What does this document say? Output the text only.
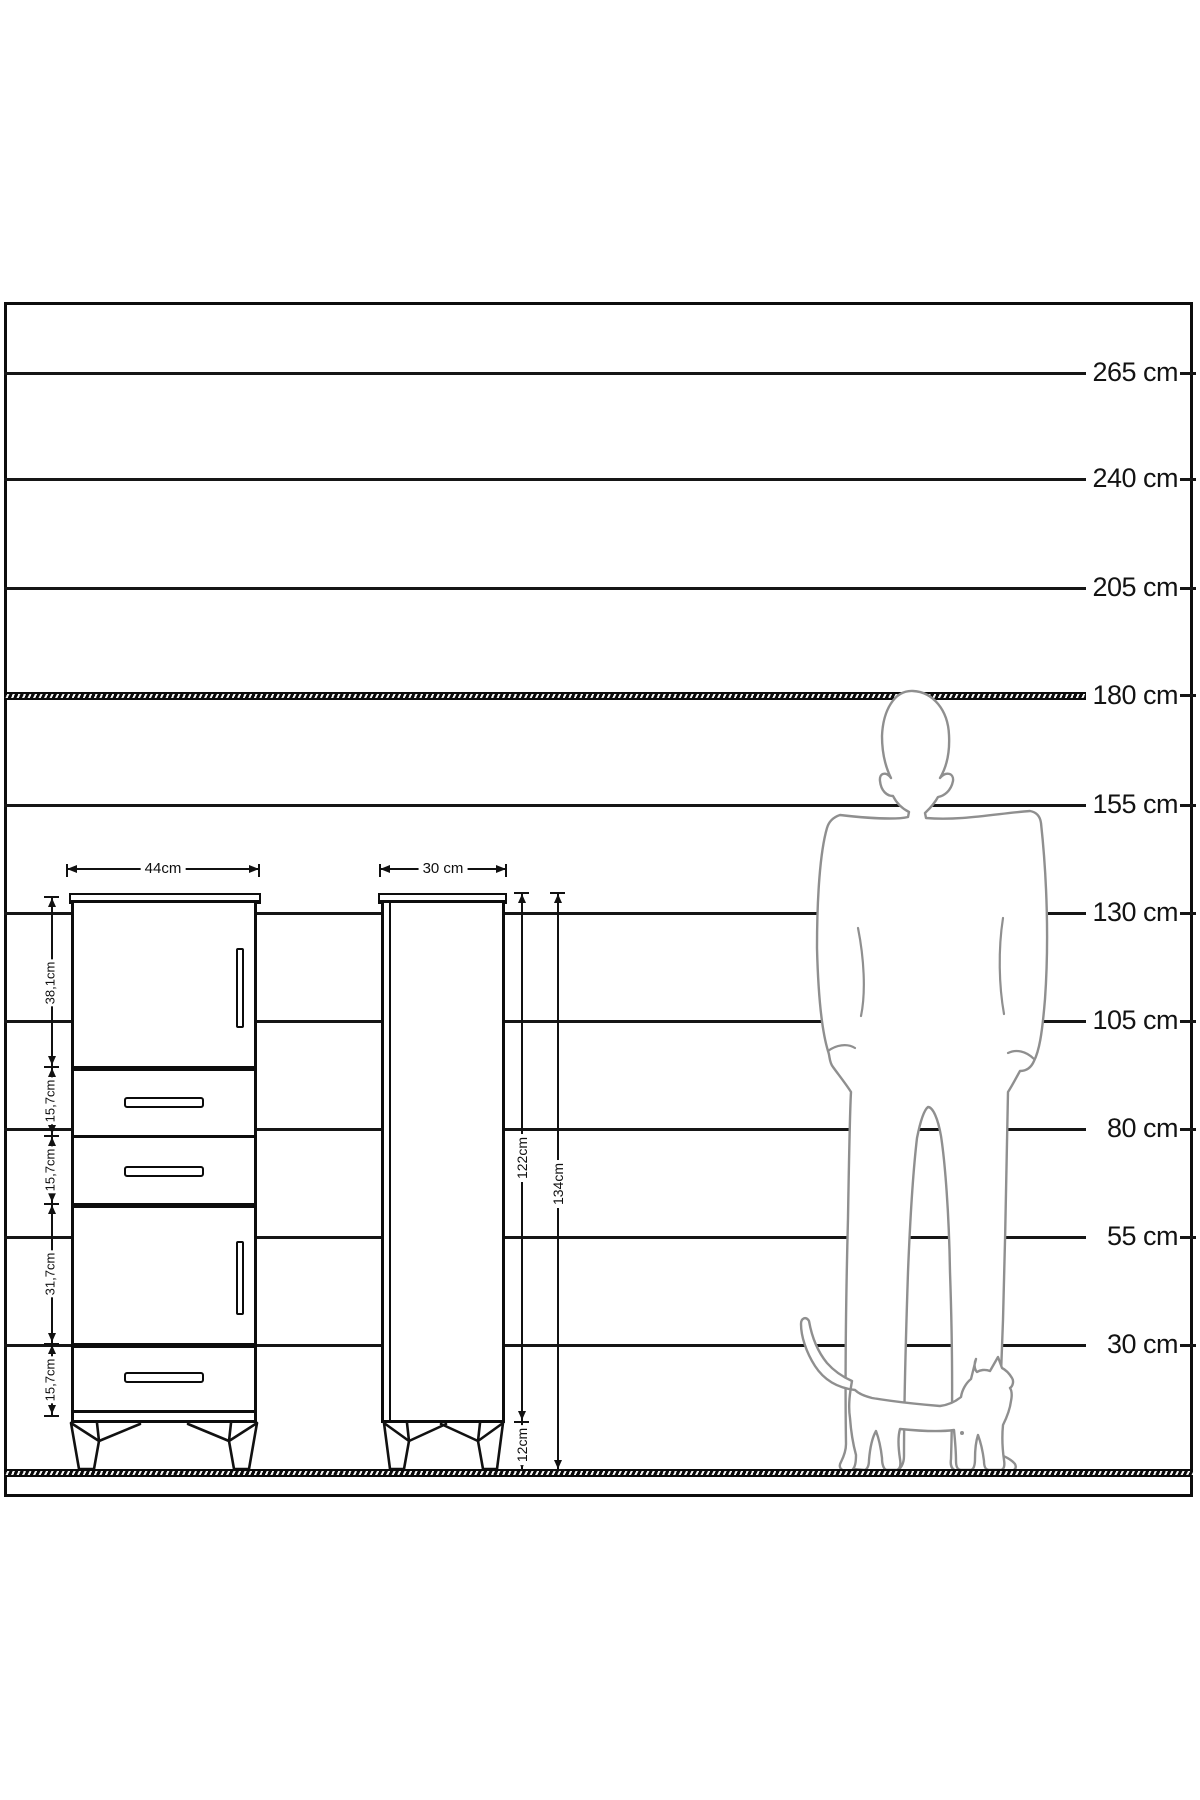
265 cm
240 cm
205 cm
180 cm
155 cm
130 cm
105 cm
80 cm
55 cm
30 cm
44cm	30 cm
38,1cm
15,7cm
15,7cm
31,7cm
15,7cm
122cm
12cm
134cm
